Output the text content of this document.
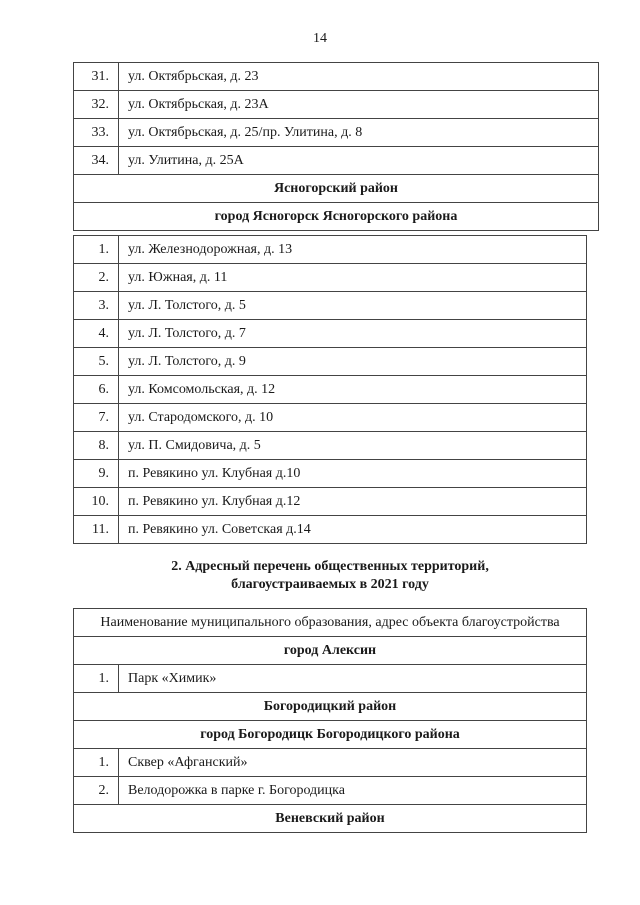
14
31.	ул. Октябрьская, д. 23
32.	ул. Октябрьская, д. 23А
33.	ул. Октябрьская, д. 25/пр. Улитина, д. 8
34.	ул. Улитина, д. 25А
Ясногорский район	
город Ясногорск Ясногорского района	
1.	ул. Железнодорожная, д. 13
2.	ул. Южная, д. 11
3.	ул. Л. Толстого, д. 5
4.	ул. Л. Толстого, д. 7
5.	ул. Л. Толстого, д. 9
6.	ул. Комсомольская, д. 12
7.	ул. Стародомского, д. 10
8.	ул. П. Смидовича, д. 5
9.	п. Ревякино ул. Клубная д.10
10.	п. Ревякино ул. Клубная д.12
11.	п. Ревякино ул. Советская д.14
2. Адресный перечень общественных территорий,
благоустраиваемых в 2021 году
Наименование муниципального образования, адрес объекта благоустройства	
город Алексин	
1.	Парк «Химик»
Богородицкий район	
город Богородицк Богородицкого района	
1.	Сквер «Афганский»
2.	Велодорожка в парке г. Богородицка
Веневский район	
